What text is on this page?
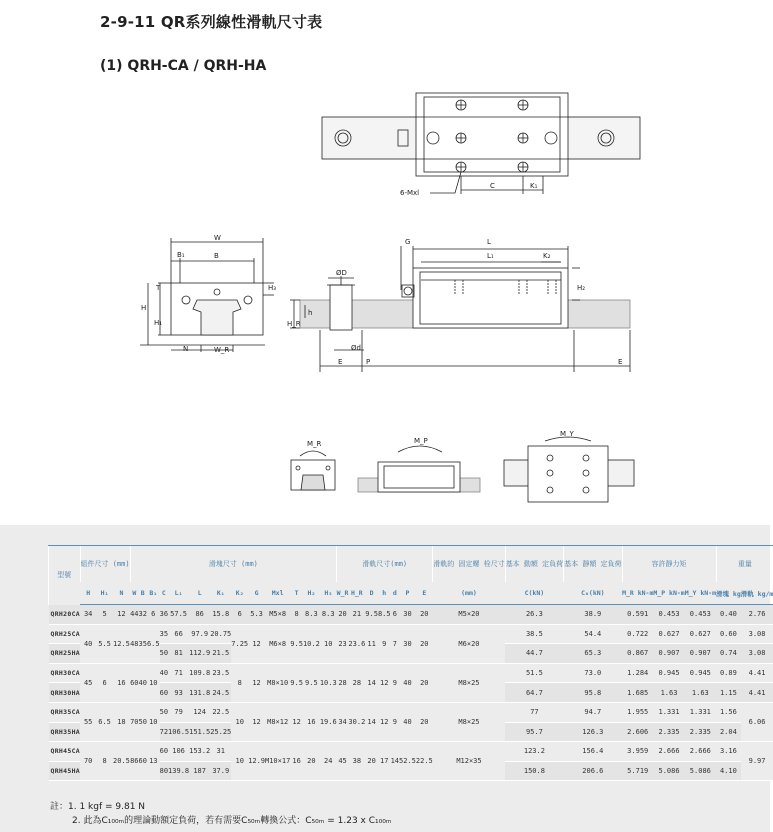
2-9-11 QR系列線性滑軌尺寸表
(1) QRH-CA / QRH-HA
6-Mxl
C	K₁
W
B₁	B
T
H
H₁
H₃
N	W_R
G	L
L₁	K₂
H₂
ØD
Ød
h
H_R
E	P	E
M_R	M_P
M_Y
型號	組件尺寸 (mm)			滑塊尺寸 (mm)													滑軌尺寸(mm)							滑軌的 固定螺 栓尺寸	基本 動額 定負荷	基本 靜額 定負荷	容許靜力矩			重量	
	H	H₁	N	W	B	B₁	C	L₁	L	K₁	K₂	G	Mxl	T	H₂	H₃	W_R	H_R	D	h	d	P	E	(mm)	C(kN)	C₀(kN)	M_R kN-m	M_P kN-m	M_Y kN-m	滑塊 kg	滑軌 kg/m
QRH20CA	34	5	12	44	32	6	36	57.5	86	15.8	6	5.3	M5×8	8	8.3	8.3	20	21	9.5	8.5	6	30	20	M5×20	26.3	38.9	0.591	0.453	0.453	0.40	2.76
QRH25CA	40	5.5	12.5	48	35	6.5	35	66	97.9	20.75	7.25	12	M6×8	9.5	10.2	10	23	23.6	11	9	7	30	20	M6×20	38.5	54.4	0.722	0.627	0.627	0.60	3.08
QRH25HA							50	81	112.9	21.5															44.7	65.3	0.867	0.907	0.907	0.74	3.08
QRH30CA	45	6	16	60	40	10	40	71	109.8	23.5	8	12	M8×10	9.5	9.5	10.3	28	28	14	12	9	40	20	M8×25	51.5	73.0	1.284	0.945	0.945	0.89	4.41
QRH30HA							60	93	131.8	24.5															64.7	95.8	1.685	1.63	1.63	1.15	4.41
QRH35CA	55	6.5	18	70	50	10	50	79	124	22.5	10	12	M8×12	12	16	19.6	34	30.2	14	12	9	40	20	M8×25	77	94.7	1.955	1.331	1.331	1.56	6.06
QRH35HA							72	106.5	151.5	25.25															95.7	126.3	2.606	2.335	2.335	2.04	
QRH45CA	70	8	20.5	86	60	13	60	106	153.2	31	10	12.9	M10×17	16	20	24	45	38	20	17	14	52.5	22.5	M12×35	123.2	156.4	3.959	2.666	2.666	3.16	9.97
QRH45HA							80	139.8	187	37.9															150.8	206.6	5.719	5.086	5.086	4.10	
註：1. 1 kgf = 9.81 N
2. 此為C₁₀₀ₘ的理論動額定負荷，若有需要C₅₀ₘ轉換公式：C₅₀ₘ = 1.23 x C₁₀₀ₘ
